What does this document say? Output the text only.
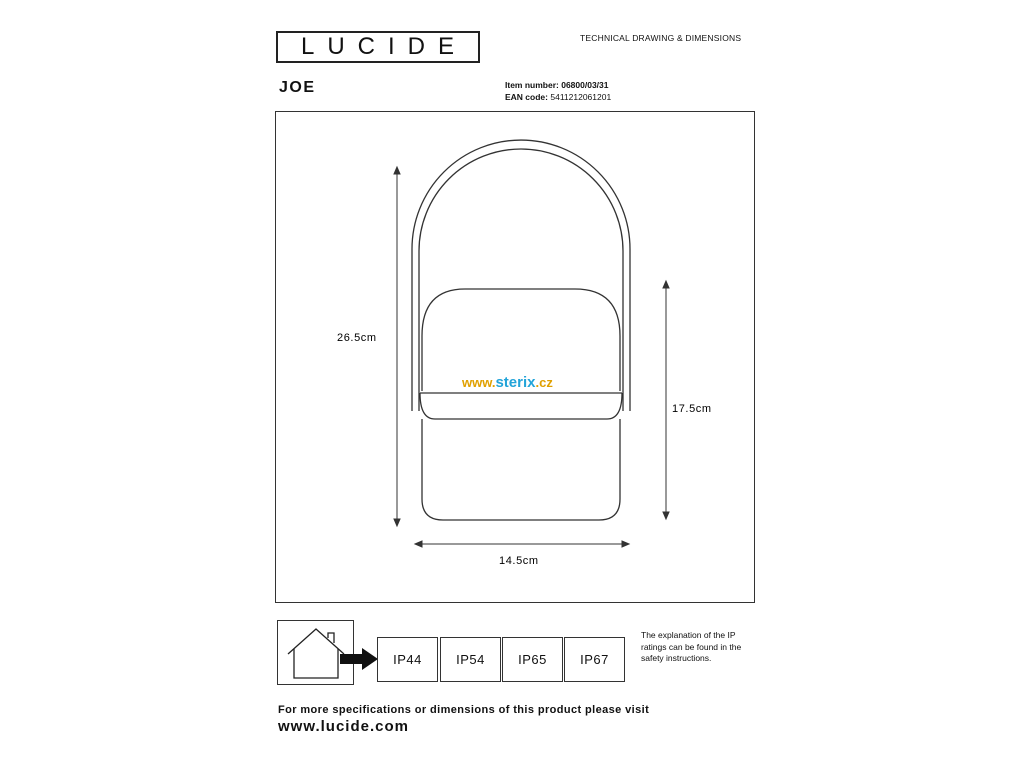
LUCIDE	TECHNICAL DRAWING & DIMENSIONS
JOE	Item number: 06800/03/31
EAN code: 5411212061201
26.5cm
17.5cm
14.5cm
www.sterix.cz
IP44	IP54	IP65	IP67
The explanation of the IP ratings can be found in the safety instructions.
For more specifications or dimensions of this product please visit
www.lucide.com
